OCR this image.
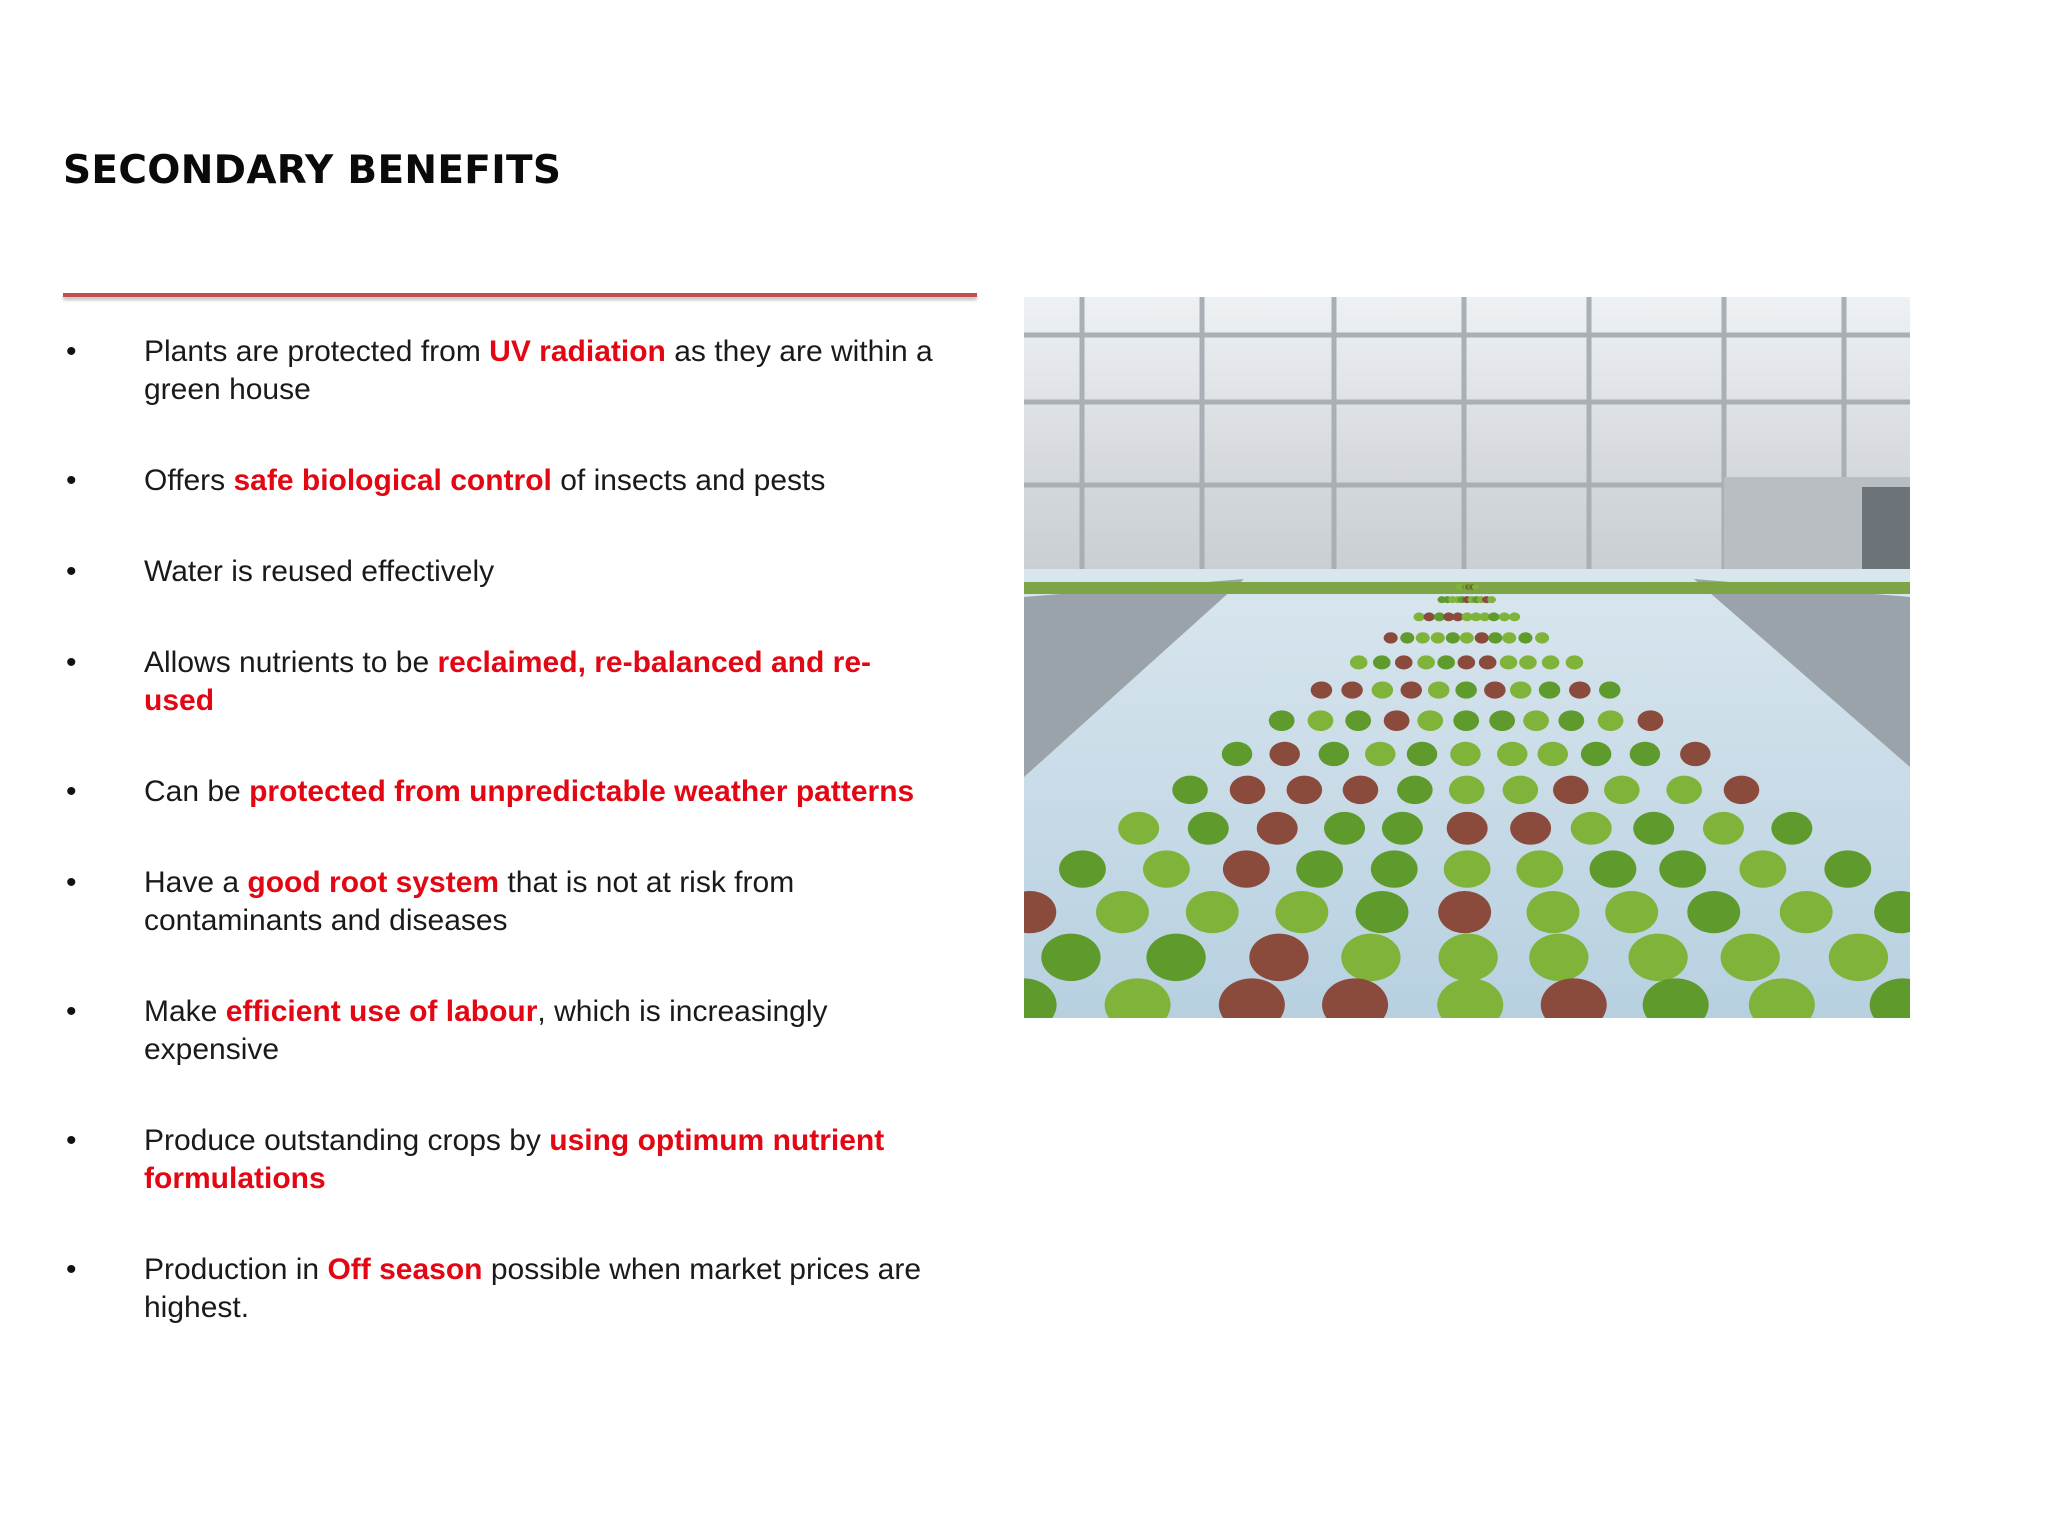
SECONDARY BENEFITS
• Plants are protected from UV radiation as they are within a green house
• Offers safe biological control of insects and pests
• Water is reused effectively
• Allows nutrients to be reclaimed, re-balanced and re-used
• Can be protected from unpredictable weather patterns
• Have a good root system that is not at risk from contaminants and diseases
• Make efficient use of labour, which is increasingly expensive
• Produce outstanding crops by using optimum nutrient formulations
• Production in Off season possible when market prices are highest.
